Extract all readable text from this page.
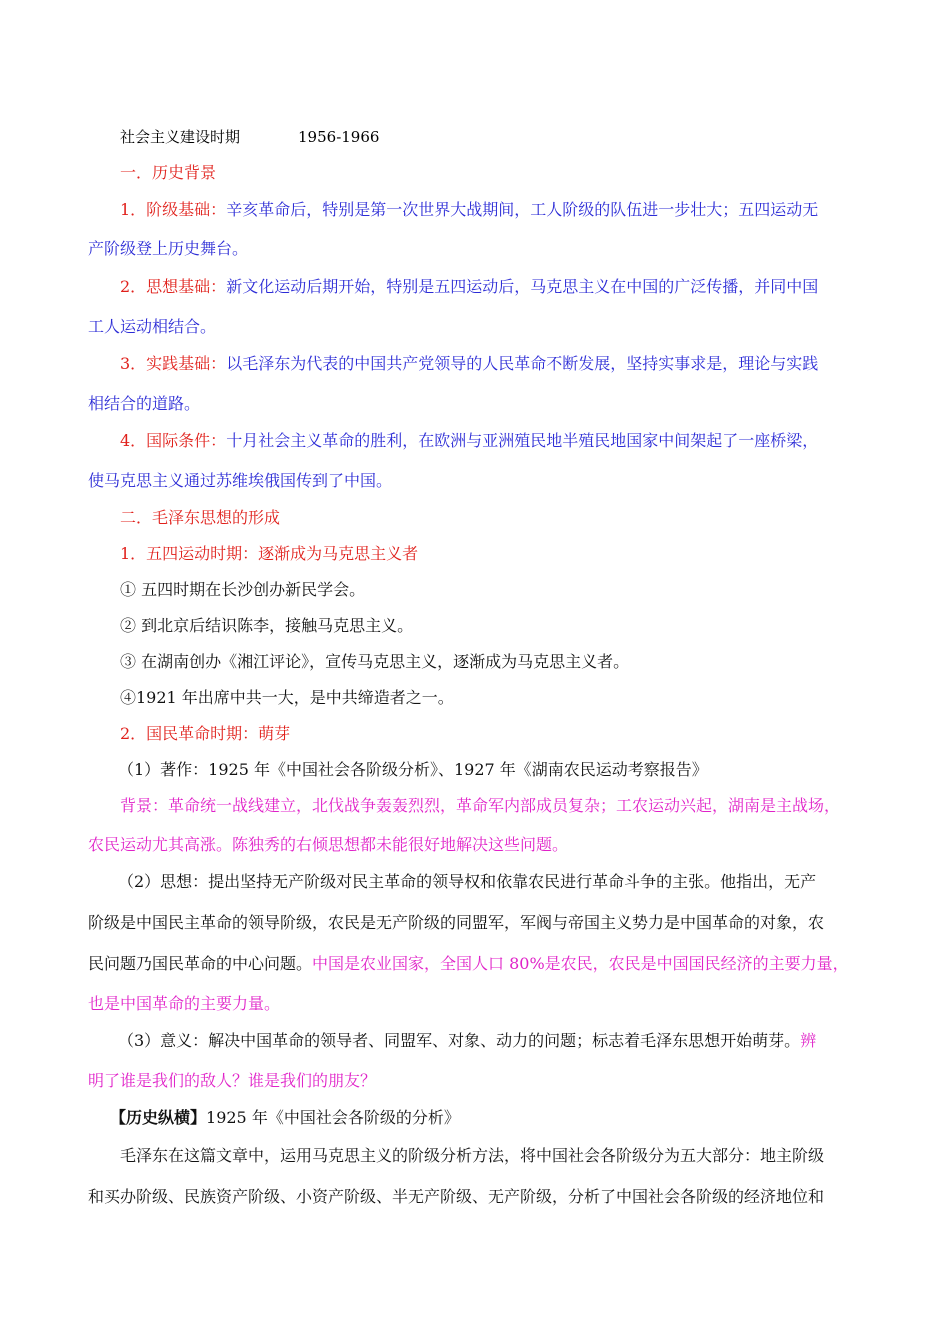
社会主义建设时期	1956-1966
一．历史背景
1．阶级基础：辛亥革命后，特别是第一次世界大战期间，工人阶级的队伍进一步壮大；五四运动无
产阶级登上历史舞台。
2．思想基础：新文化运动后期开始，特别是五四运动后，马克思主义在中国的广泛传播，并同中国
工人运动相结合。
3．实践基础：以毛泽东为代表的中国共产党领导的人民革命不断发展，坚持实事求是，理论与实践
相结合的道路。
4．国际条件：十月社会主义革命的胜利，在欧洲与亚洲殖民地半殖民地国家中间架起了一座桥梁，
使马克思主义通过苏维埃俄国传到了中国。
二．毛泽东思想的形成
1．五四运动时期：逐渐成为马克思主义者
① 五四时期在长沙创办新民学会。
② 到北京后结识陈李，接触马克思主义。
③ 在湖南创办《湘江评论》，宣传马克思主义，逐渐成为马克思主义者。
④1921 年出席中共一大，是中共缔造者之一。
2．国民革命时期：萌芽
（1）著作：1925 年《中国社会各阶级分析》、1927 年《湖南农民运动考察报告》
背景：革命统一战线建立，北伐战争轰轰烈烈，革命军内部成员复杂；工农运动兴起，湖南是主战场，
农民运动尤其高涨。陈独秀的右倾思想都未能很好地解决这些问题。
（2）思想：提出坚持无产阶级对民主革命的领导权和依靠农民进行革命斗争的主张。他指出，无产
阶级是中国民主革命的领导阶级，农民是无产阶级的同盟军，军阀与帝国主义势力是中国革命的对象，农
民问题乃国民革命的中心问题。中国是农业国家，全国人口 80%是农民，农民是中国国民经济的主要力量，
也是中国革命的主要力量。
（3）意义：解决中国革命的领导者、同盟军、对象、动力的问题；标志着毛泽东思想开始萌芽。辨
明了谁是我们的敌人？谁是我们的朋友？
【历史纵横】1925 年《中国社会各阶级的分析》
毛泽东在这篇文章中，运用马克思主义的阶级分析方法，将中国社会各阶级分为五大部分：地主阶级
和买办阶级、民族资产阶级、小资产阶级、半无产阶级、无产阶级，分析了中国社会各阶级的经济地位和
